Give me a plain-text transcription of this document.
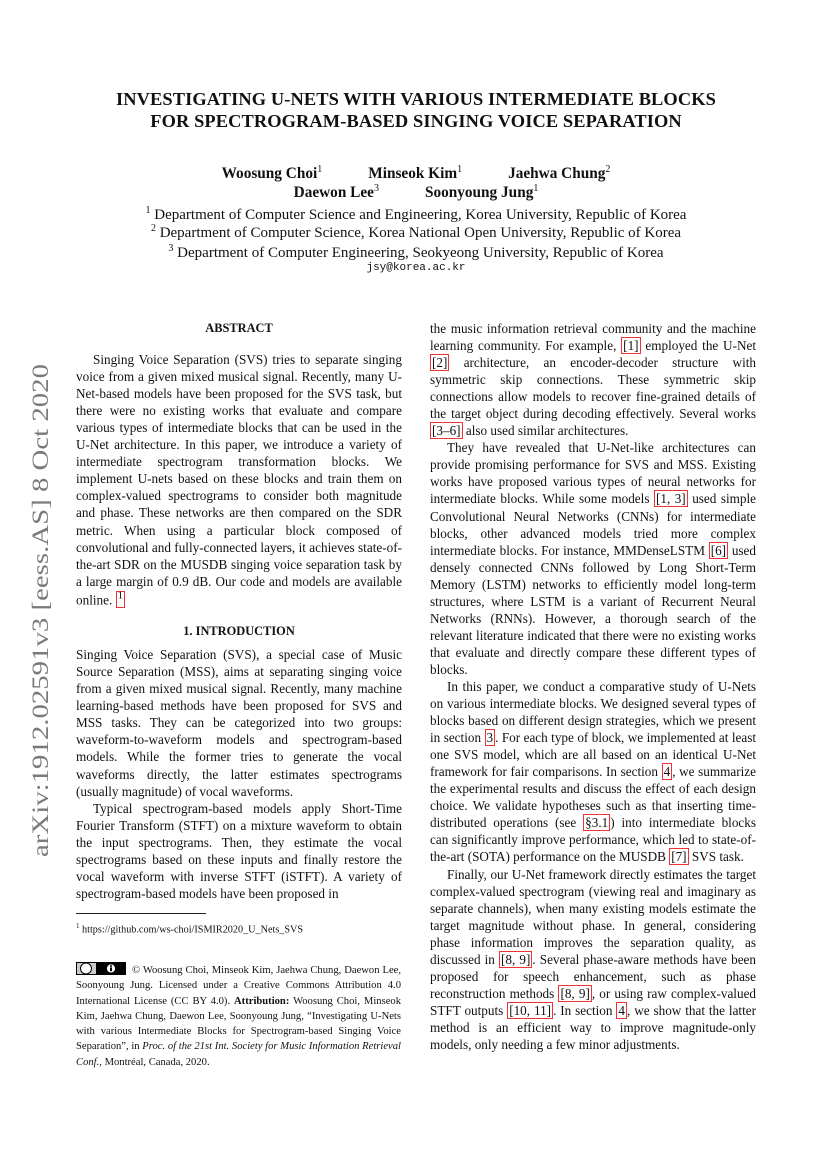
arXiv:1912.02591v3 [eess.AS] 8 Oct 2020
INVESTIGATING U-NETS WITH VARIOUS INTERMEDIATE BLOCKS
FOR SPECTROGRAM-BASED SINGING VOICE SEPARATION
Woosung Choi$^1$	Minseok Kim$^1$	Jaehwa Chung$^2$
Daewon Lee$^3$	Soonyoung Jung$^1$
$^1$ Department of Computer Science and Engineering, Korea University, Republic of Korea
$^2$ Department of Computer Science, Korea National Open University, Republic of Korea
$^3$ Department of Computer Engineering, Seokyeong University, Republic of Korea
jsy@korea.ac.kr

ABSTRACT

Singing Voice Separation (SVS) tries to separate singing voice from a given mixed musical signal. Recently, many U-Net-based models have been proposed for the SVS task, but there were no existing works that evaluate and compare various types of intermediate blocks that can be used in the U-Net architecture. In this paper, we introduce a variety of intermediate spectrogram transformation blocks. We implement U-nets based on these blocks and train them on complex-valued spectrograms to consider both magnitude and phase. These networks are then compared on the SDR metric. When using a particular block composed of convolutional and fully-connected layers, it achieves state-of-the-art SDR on the MUSDB singing voice separation task by a large margin of 0.9 dB. Our code and models are available online. $^1$

1. INTRODUCTION

Singing Voice Separation (SVS), a special case of Music Source Separation (MSS), aims at separating singing voice from a given mixed musical signal. Recently, many machine learning-based methods have been proposed for SVS and MSS tasks. They can be categorized into two groups: waveform-to-waveform models and spectrogram-based models. While the former tries to generate the vocal waveforms directly, the latter estimates spectrograms (usually magnitude) of vocal waveforms.

Typical spectrogram-based models apply Short-Time Fourier Transform (STFT) on a mixture waveform to obtain the input spectrograms. Then, they estimate the vocal spectrograms based on these inputs and finally restore the vocal waveform with inverse STFT (iSTFT). A variety of spectrogram-based models have been proposed in

$^1$ https://github.com/ws-choi/ISMIR2020_U_Nets_SVS
© Woosung Choi, Minseok Kim, Jaehwa Chung, Daewon Lee, Soonyoung Jung. Licensed under a Creative Commons Attribution 4.0 International License (CC BY 4.0). Attribution: Woosung Choi, Minseok Kim, Jaehwa Chung, Daewon Lee, Soonyoung Jung, “Investigating U-Nets with various Intermediate Blocks for Spectrogram-based Singing Voice Separation”, in Proc. of the 21st Int. Society for Music Information Retrieval Conf., Montréal, Canada, 2020.

the music information retrieval community and the machine learning community. For example, [1] employed the U-Net [2] architecture, an encoder-decoder structure with symmetric skip connections. These symmetric skip connections allow models to recover fine-grained details of the target object during decoding effectively. Several works [3–6] also used similar architectures.

They have revealed that U-Net-like architectures can provide promising performance for SVS and MSS. Existing works have proposed various types of neural networks for intermediate blocks. While some models [1, 3] used simple Convolutional Neural Networks (CNNs) for intermediate blocks, other advanced models tried more complex intermediate blocks. For instance, MMDenseLSTM [6] used densely connected CNNs followed by Long Short-Term Memory (LSTM) networks to efficiently model long-term structures, where LSTM is a variant of Recurrent Neural Networks (RNNs). However, a thorough search of the relevant literature indicated that there were no existing works that evaluate and directly compare these different types of blocks.

In this paper, we conduct a comparative study of U-Nets on various intermediate blocks. We designed several types of blocks based on different design strategies, which we present in section 3 . For each type of block, we implemented at least one SVS model, which are all based on an identical U-Net framework for fair comparisons. In section 4 , we summarize the experimental results and discuss the effect of each design choice. We validate hypotheses such as that inserting time-distributed operations (see §3.1 ) into intermediate blocks can significantly improve performance, which led to state-of-the-art (SOTA) performance on the MUSDB [7] SVS task.

Finally, our U-Net framework directly estimates the target complex-valued spectrogram (viewing real and imaginary as separate channels), when many existing models estimate the target magnitude without phase. In general, considering phase information improves the separation quality, as discussed in [8, 9] . Several phase-aware methods have been proposed for speech enhancement, such as phase reconstruction methods [8, 9] , or using raw complex-valued STFT outputs [10, 11] . In section 4 , we show that the latter method is an efficient way to improve magnitude-only models, only needing a few minor adjustments.
